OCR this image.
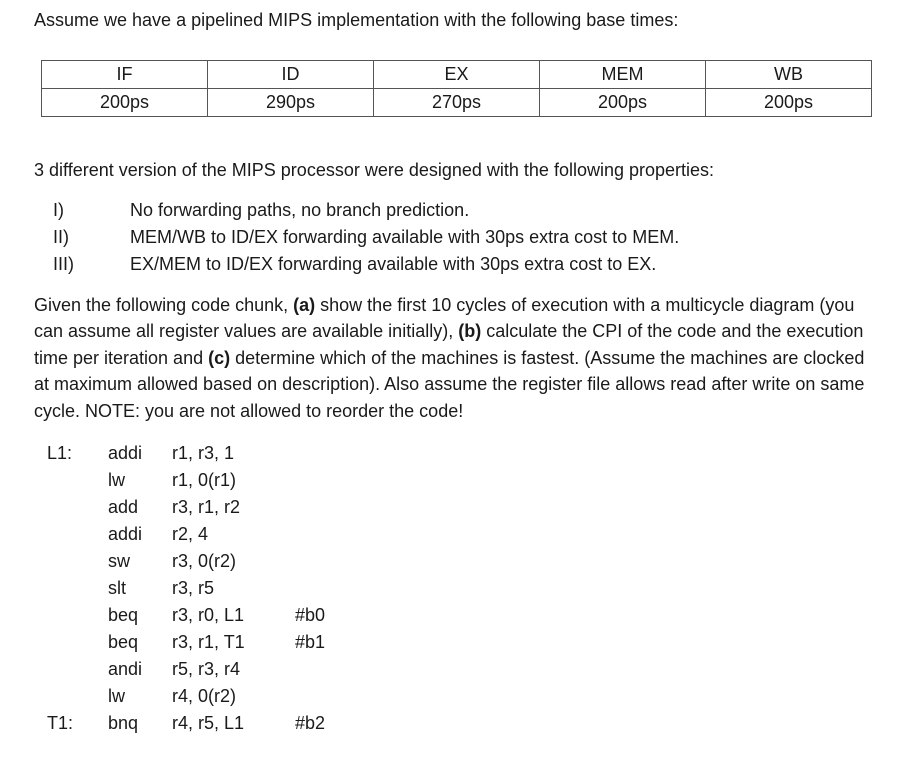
Assume we have a pipelined MIPS implementation with the following base times:
IF	ID	EX	MEM	WB
200ps	290ps	270ps	200ps	200ps
3 different version of the MIPS processor were designed with the following properties:
I)	No forwarding paths, no branch prediction.
II)	MEM/WB to ID/EX forwarding available with 30ps extra cost to MEM.
III)	EX/MEM to ID/EX forwarding available with 30ps extra cost to EX.
Given the following code chunk, (a) show the first 10 cycles of execution with a multicycle diagram (you can assume all register values are available initially), (b) calculate the CPI of the code and the execution time per iteration and (c) determine which of the machines is fastest. (Assume the machines are clocked at maximum allowed based on description). Also assume the register file allows read after write on same cycle. NOTE: you are not allowed to reorder the code!
L1: addi r1, r3, 1
lw	r1, 0(r1)
add r3, r1, r2
addi r2, 4
sw r3, 0(r2)
slt	r3, r5
beq r3, r0, L1	#b0
beq r3, r1, T1	#b1
andi r5, r3, r4
lw	r4, 0(r2)
T1: bnq r4, r5, L1	#b2
